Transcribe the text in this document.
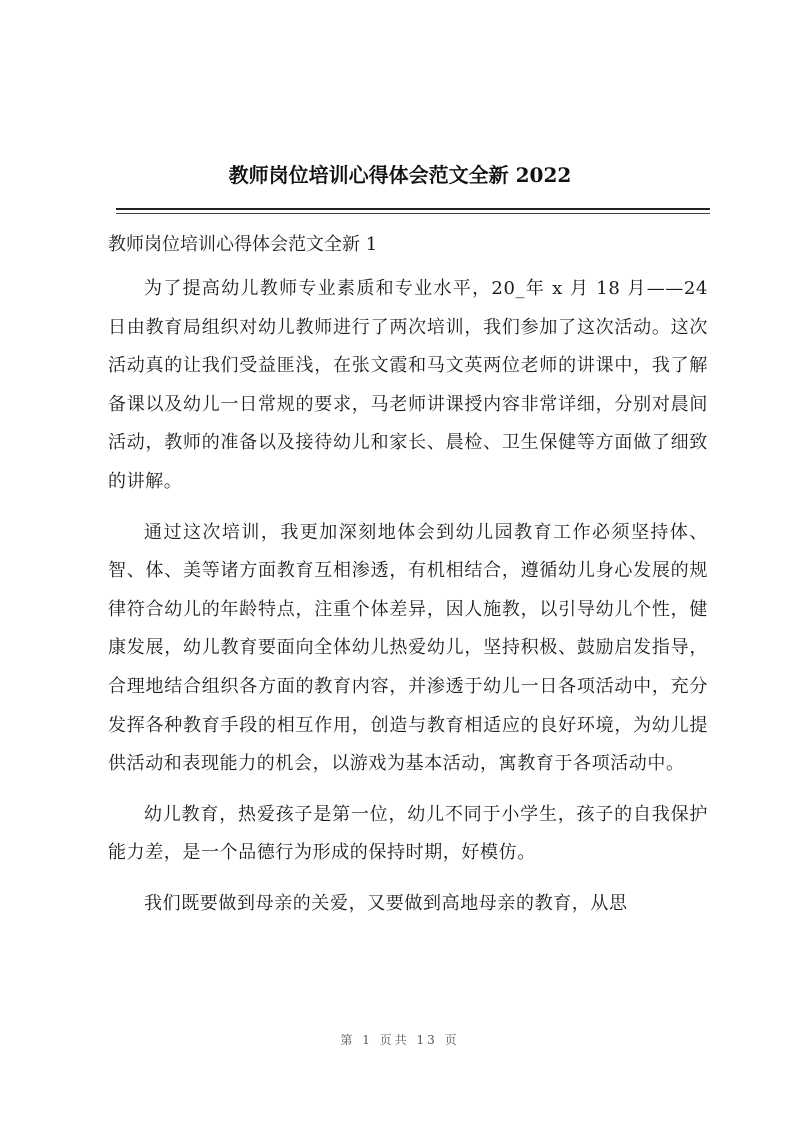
教师岗位培训心得体会范文全新 2022
教师岗位培训心得体会范文全新 1

为了提高幼儿教师专业素质和专业水平，20_年 x 月 18 月——24 日由教育局组织对幼儿教师进行了两次培训，我们参加了这次活动。这次活动真的让我们受益匪浅，在张文霞和马文英两位老师的讲课中，我了解备课以及幼儿一日常规的要求，马老师讲课授内容非常详细，分别对晨间活动，教师的准备以及接待幼儿和家长、晨检、卫生保健等方面做了细致的讲解。

通过这次培训，我更加深刻地体会到幼儿园教育工作必须坚持体、智、体、美等诸方面教育互相渗透，有机相结合，遵循幼儿身心发展的规律符合幼儿的年龄特点，注重个体差异，因人施教，以引导幼儿个性，健康发展，幼儿教育要面向全体幼儿热爱幼儿，坚持积极、鼓励启发指导，合理地结合组织各方面的教育内容，并渗透于幼儿一日各项活动中，充分发挥各种教育手段的相互作用，创造与教育相适应的良好环境，为幼儿提供活动和表现能力的机会，以游戏为基本活动，寓教育于各项活动中。

幼儿教育，热爱孩子是第一位，幼儿不同于小学生，孩子的自我保护能力差，是一个品德行为形成的保持时期，好模仿。

我们既要做到母亲的关爱，又要做到高地母亲的教育，从思

第 1 页共 13 页
